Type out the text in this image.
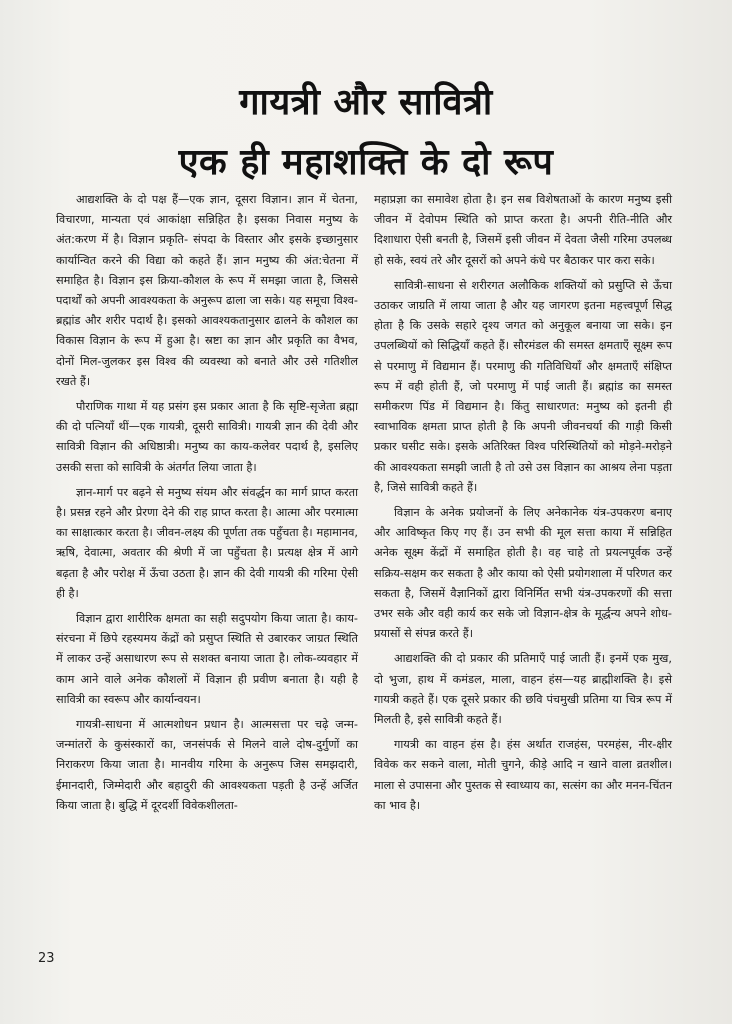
गायत्री और सावित्री
एक ही महाशक्ति के दो रूप

आद्यशक्ति के दो पक्ष हैं—एक ज्ञान, दूसरा विज्ञान। ज्ञान में चेतना, विचारणा, मान्यता एवं आकांक्षा सन्निहित है। इसका निवास मनुष्य के अंत:करण में है। विज्ञान प्रकृति- संपदा के विस्तार और इसके इच्छानुसार कार्यान्वित करने की विद्या को कहते हैं। ज्ञान मनुष्य की अंत:चेतना में समाहित है। विज्ञान इस क्रिया-कौशल के रूप में समझा जाता है, जिससे पदार्थों को अपनी आवश्यकता के अनुरूप ढाला जा सके। यह समूचा विश्व-ब्रह्मांड और शरीर पदार्थ है। इसको आवश्यकतानुसार ढालने के कौशल का विकास विज्ञान के रूप में हुआ है। स्रष्टा का ज्ञान और प्रकृति का वैभव, दोनों मिल-जुलकर इस विश्व की व्यवस्था को बनाते और उसे गतिशील रखते हैं।

पौराणिक गाथा में यह प्रसंग इस प्रकार आता है कि सृष्टि-सृजेता ब्रह्मा की दो पत्नियाँ थीं—एक गायत्री, दूसरी सावित्री। गायत्री ज्ञान की देवी और सावित्री विज्ञान की अधिष्ठात्री। मनुष्य का काय-कलेवर पदार्थ है, इसलिए उसकी सत्ता को सावित्री के अंतर्गत लिया जाता है।

ज्ञान-मार्ग पर बढ़ने से मनुष्य संयम और संवर्द्धन का मार्ग प्राप्त करता है। प्रसन्न रहने और प्रेरणा देने की राह प्राप्त करता है। आत्मा और परमात्मा का साक्षात्कार करता है। जीवन-लक्ष्य की पूर्णता तक पहुँचता है। महामानव, ऋषि, देवात्मा, अवतार की श्रेणी में जा पहुँचता है। प्रत्यक्ष क्षेत्र में आगे बढ़ता है और परोक्ष में ऊँचा उठता है। ज्ञान की देवी गायत्री की गरिमा ऐसी ही है।

विज्ञान द्वारा शारीरिक क्षमता का सही सदुपयोग किया जाता है। काय-संरचना में छिपे रहस्यमय केंद्रों को प्रसुप्त स्थिति से उबारकर जाग्रत स्थिति में लाकर उन्हें असाधारण रूप से सशक्त बनाया जाता है। लोक-व्यवहार में काम आने वाले अनेक कौशलों में विज्ञान ही प्रवीण बनाता है। यही है सावित्री का स्वरूप और कार्यान्वयन।

गायत्री-साधना में आत्मशोधन प्रधान है। आत्मसत्ता पर चढ़े जन्म-जन्मांतरों के कुसंस्कारों का, जनसंपर्क से मिलने वाले दोष-दुर्गुणों का निराकरण किया जाता है। मानवीय गरिमा के अनुरूप जिस समझदारी, ईमानदारी, जिम्मेदारी और बहादुरी की आवश्यकता पड़ती है उन्हें अर्जित किया जाता है। बुद्धि में दूरदर्शी विवेकशीलता-

महाप्रज्ञा का समावेश होता है। इन सब विशेषताओं के कारण मनुष्य इसी जीवन में देवोपम स्थिति को प्राप्त करता है। अपनी रीति-नीति और दिशाधारा ऐसी बनती है, जिसमें इसी जीवन में देवता जैसी गरिमा उपलब्ध हो सके, स्वयं तरे और दूसरों को अपने कंधे पर बैठाकर पार करा सके।

सावित्री-साधना से शरीरगत अलौकिक शक्तियों को प्रसुप्ति से ऊँचा उठाकर जाग्रति में लाया जाता है और यह जागरण इतना महत्त्वपूर्ण सिद्ध होता है कि उसके सहारे दृश्य जगत को अनुकूल बनाया जा सके। इन उपलब्धियों को सिद्धियाँ कहते हैं। सौरमंडल की समस्त क्षमताएँ सूक्ष्म रूप से परमाणु में विद्यमान हैं। परमाणु की गतिविधियाँ और क्षमताएँ संक्षिप्त रूप में वही होती हैं, जो परमाणु में पाई जाती हैं। ब्रह्मांड का समस्त समीकरण पिंड में विद्यमान है। किंतु साधारणत: मनुष्य को इतनी ही स्वाभाविक क्षमता प्राप्त होती है कि अपनी जीवनचर्या की गाड़ी किसी प्रकार घसीट सके। इसके अतिरिक्त विश्व परिस्थितियों को मोड़ने-मरोड़ने की आवश्यकता समझी जाती है तो उसे उस विज्ञान का आश्रय लेना पड़ता है, जिसे सावित्री कहते हैं।

विज्ञान के अनेक प्रयोजनों के लिए अनेकानेक यंत्र-उपकरण बनाए और आविष्कृत किए गए हैं। उन सभी की मूल सत्ता काया में सन्निहित अनेक सूक्ष्म केंद्रों में समाहित होती है। वह चाहे तो प्रयत्नपूर्वक उन्हें सक्रिय-सक्षम कर सकता है और काया को ऐसी प्रयोगशाला में परिणत कर सकता है, जिसमें वैज्ञानिकों द्वारा विनिर्मित सभी यंत्र-उपकरणों की सत्ता उभर सके और वही कार्य कर सके जो विज्ञान-क्षेत्र के मूर्द्धन्य अपने शोध-प्रयासों से संपन्न करते हैं।

आद्यशक्ति की दो प्रकार की प्रतिमाएँ पाई जाती हैं। इनमें एक मुख, दो भुजा, हाथ में कमंडल, माला, वाहन हंस—यह ब्राह्मीशक्ति है। इसे गायत्री कहते हैं। एक दूसरे प्रकार की छवि पंचमुखी प्रतिमा या चित्र रूप में मिलती है, इसे सावित्री कहते हैं।

गायत्री का वाहन हंस है। हंस अर्थात राजहंस, परमहंस, नीर-क्षीर विवेक कर सकने वाला, मोती चुगने, कीड़े आदि न खाने वाला व्रतशील। माला से उपासना और पुस्तक से स्वाध्याय का, सत्संग का और मनन-चिंतन का भाव है।

23
